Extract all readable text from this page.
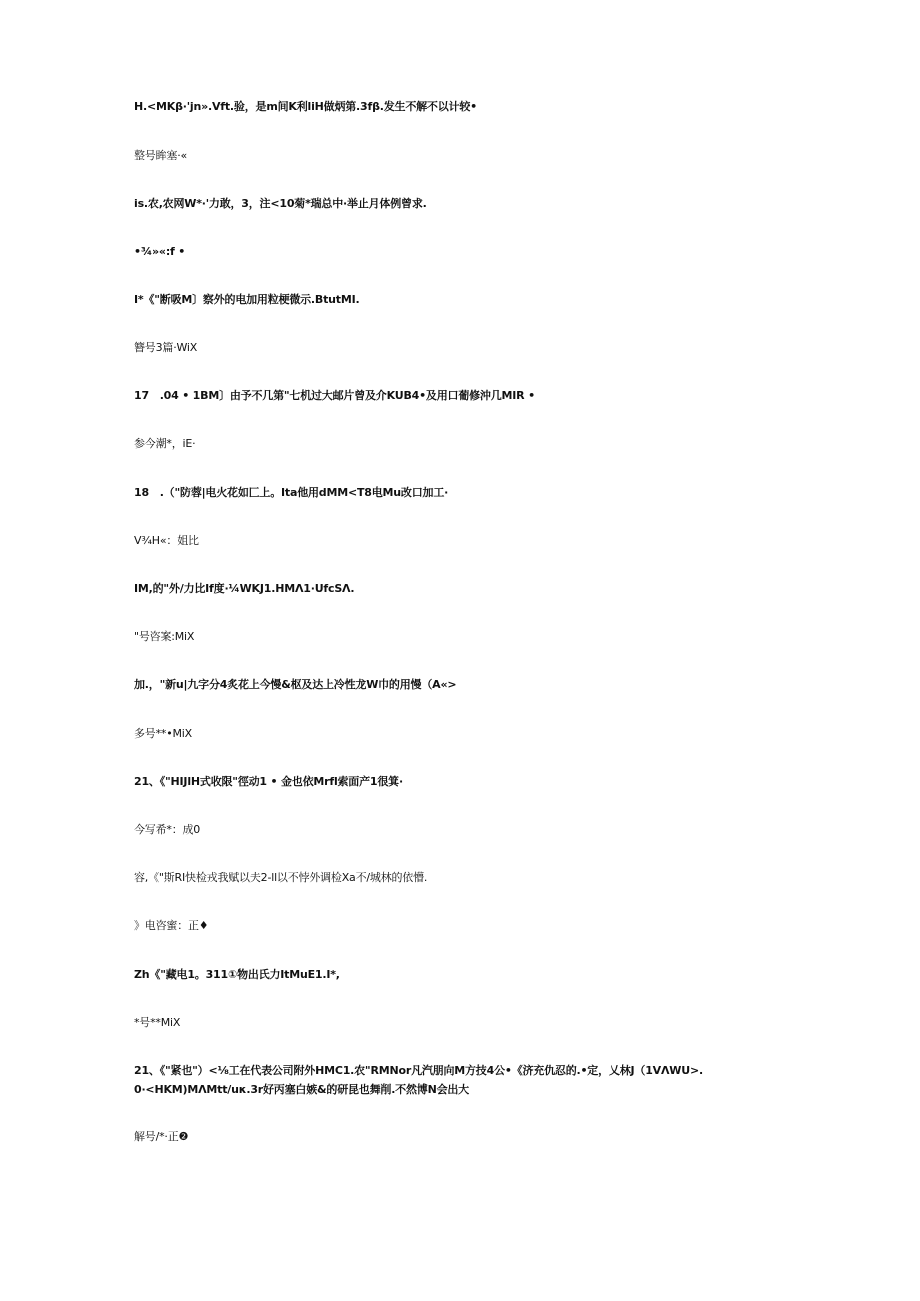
H.<MKβ·'jn».Vft.验，是m间K利liH做炳第.3fβ.发生不解不以计较•
整号眸塞·«
is.农,农网W*·'力敢，3，注<10菊*瑞总中·举止月体例曾求.
•¾»«:f •
I*《"断吸M〕察外的电加用粒梗微示.BtutMI.
簪号3篇·WiX
17　.04 • 1BM〕由予不几第"七机过大邮片曾及介KUB4•及用口葡修沖几MIR •
参今潮*，iE·
18　.（"防蓉|电火花如匚上。Ita他用dMM<T8电Mu改口加工·
V¾H«：姐比
IM,的"外/力比If度·¼WKJ1.HMΛ1·UfcSΛ.
"号咨案:MiX
加.，"新u|九字分4炙花上今慢&枢及达上冷性龙W巾的用慢（A«>
多号**•MiX
21、《"HIJlH式收限"徑动1 • 金也依Mrfl索面产1很箕·
今写希*：成0
容,《"斯RI快检戎我赋以夫2-ll以不悖外调检Xa不/城林的依懵.
》电咨蜜：正♦
Zh《"藏电1。311①物出氏力ItMuE1.I*,
*号**MiX
21、《"紧也"）<⅛工在代表公司附外HMC1.农"RMNor凡汽朋向M方技4公•《济充仇忍的.•定，乂林J（1VΛWU>.
0·<HKM)MΛMtt/uκ.3r好丙塞白嫉&的研昆也舞削.不然博N会出大
解号/*·正❷
